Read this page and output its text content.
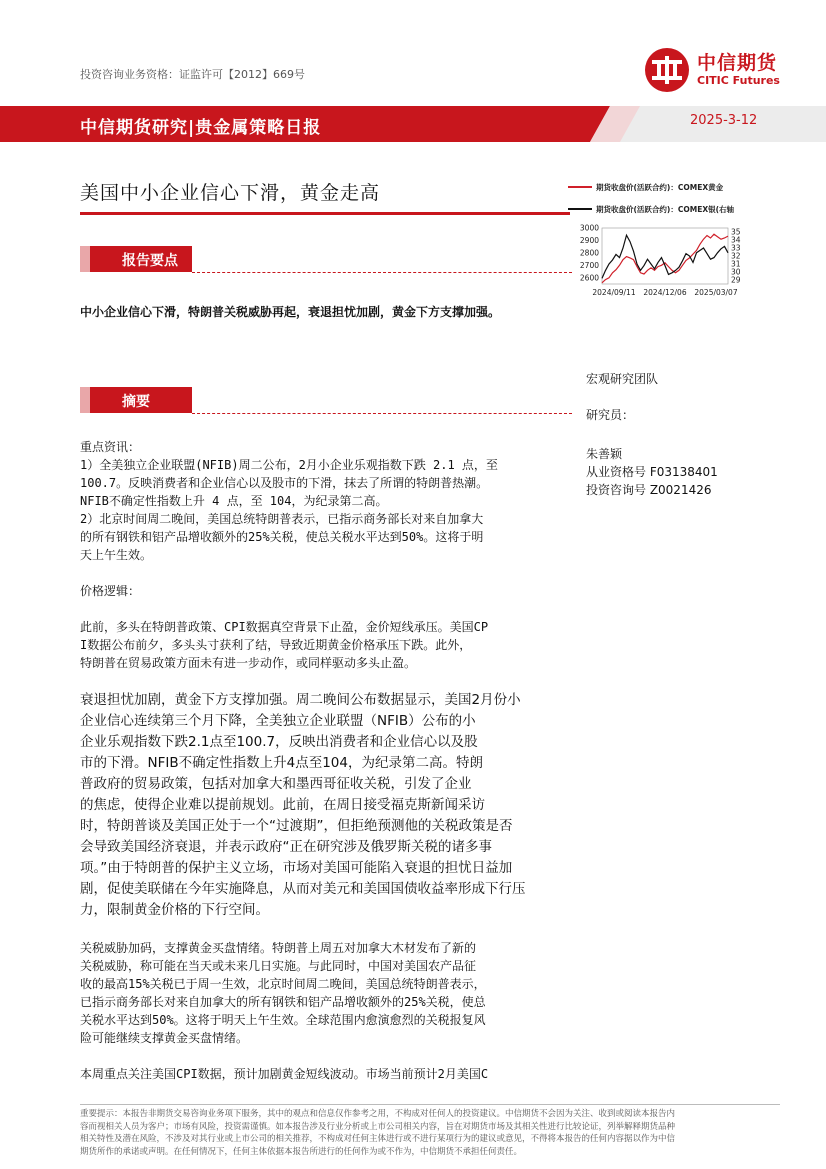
投资咨询业务资格：证监许可【2012】669号
中信期货
CITIC Futures
中信期货研究|贵金属策略日报	2025-3-12
美国中小企业信心下滑，黄金走高
报告要点
中小企业信心下滑，特朗普关税威胁再起，衰退担忧加剧，黄金下方支撑加强。
摘要

重点资讯：

1）全美独立企业联盟(NFIB)周二公布，2月小企业乐观指数下跌 2.1 点，至

100.7。反映消费者和企业信心以及股市的下滑，抹去了所谓的特朗普热潮。

NFIB不确定性指数上升 4 点，至 104，为纪录第二高。

2）北京时间周二晚间，美国总统特朗普表示，已指示商务部长对来自加拿大

的所有钢铁和铝产品增收额外的25%关税，使总关税水平达到50%。这将于明

天上午生效。

价格逻辑：

此前，多头在特朗普政策、CPI数据真空背景下止盈，金价短线承压。美国CP

I数据公布前夕，多头头寸获利了结，导致近期黄金价格承压下跌。此外，

特朗普在贸易政策方面未有进一步动作，或同样驱动多头止盈。

衰退担忧加剧，黄金下方支撑加强。周二晚间公布数据显示，美国2月份小

企业信心连续第三个月下降，全美独立企业联盟（NFIB）公布的小

企业乐观指数下跌2.1点至100.7，反映出消费者和企业信心以及股

市的下滑。NFIB不确定性指数上升4点至104，为纪录第二高。特朗

普政府的贸易政策，包括对加拿大和墨西哥征收关税，引发了企业

的焦虑，使得企业难以提前规划。此前，在周日接受福克斯新闻采访

时，特朗普谈及美国正处于一个“过渡期”，但拒绝预测他的关税政策是否

会导致美国经济衰退，并表示政府“正在研究涉及俄罗斯关税的诸多事

项。”由于特朗普的保护主义立场，市场对美国可能陷入衰退的担忧日益加

剧，促使美联储在今年实施降息，从而对美元和美国国债收益率形成下行压

力，限制黄金价格的下行空间。

关税威胁加码，支撑黄金买盘情绪。特朗普上周五对加拿大木材发布了新的

关税威胁，称可能在当天或未来几日实施。与此同时，中国对美国农产品征

收的最高15%关税已于周一生效，北京时间周二晚间，美国总统特朗普表示，

已指示商务部长对来自加拿大的所有钢铁和铝产品增收额外的25%关税，使总

关税水平达到50%。这将于明天上午生效。全球范围内愈演愈烈的关税报复风

险可能继续支撑黄金买盘情绪。

本周重点关注美国CPI数据，预计加剧黄金短线波动。市场当前预计2月美国C

宏观研究团队
研究员：
朱善颖
从业资格号 F03138401
投资咨询号 Z0021426
期货收盘价(活跃合约)：COMEX黄金
期货收盘价(活跃合约)：COMEX银(右轴
3000
2900
2800
2700
2600
35
34
33
32
31
30
29
2024/09/11 2024/12/06 2025/03/07
重要提示：本报告非期货交易咨询业务项下服务，其中的观点和信息仅作参考之用，不构成对任何人的投资建议。中信期货不会因为关注、收到或阅读本报告内
容而视相关人员为客户；市场有风险，投资需谨慎。如本报告涉及行业分析或上市公司相关内容，旨在对期货市场及其相关性进行比较论证，列举解释期货品种
相关特性及潜在风险，不涉及对其行业或上市公司的相关推荐，不构成对任何主体进行或不进行某项行为的建议或意见，不得将本报告的任何内容据以作为中信
期货所作的承诺或声明。在任何情况下，任何主体依据本报告所进行的任何作为或不作为，中信期货不承担任何责任。
